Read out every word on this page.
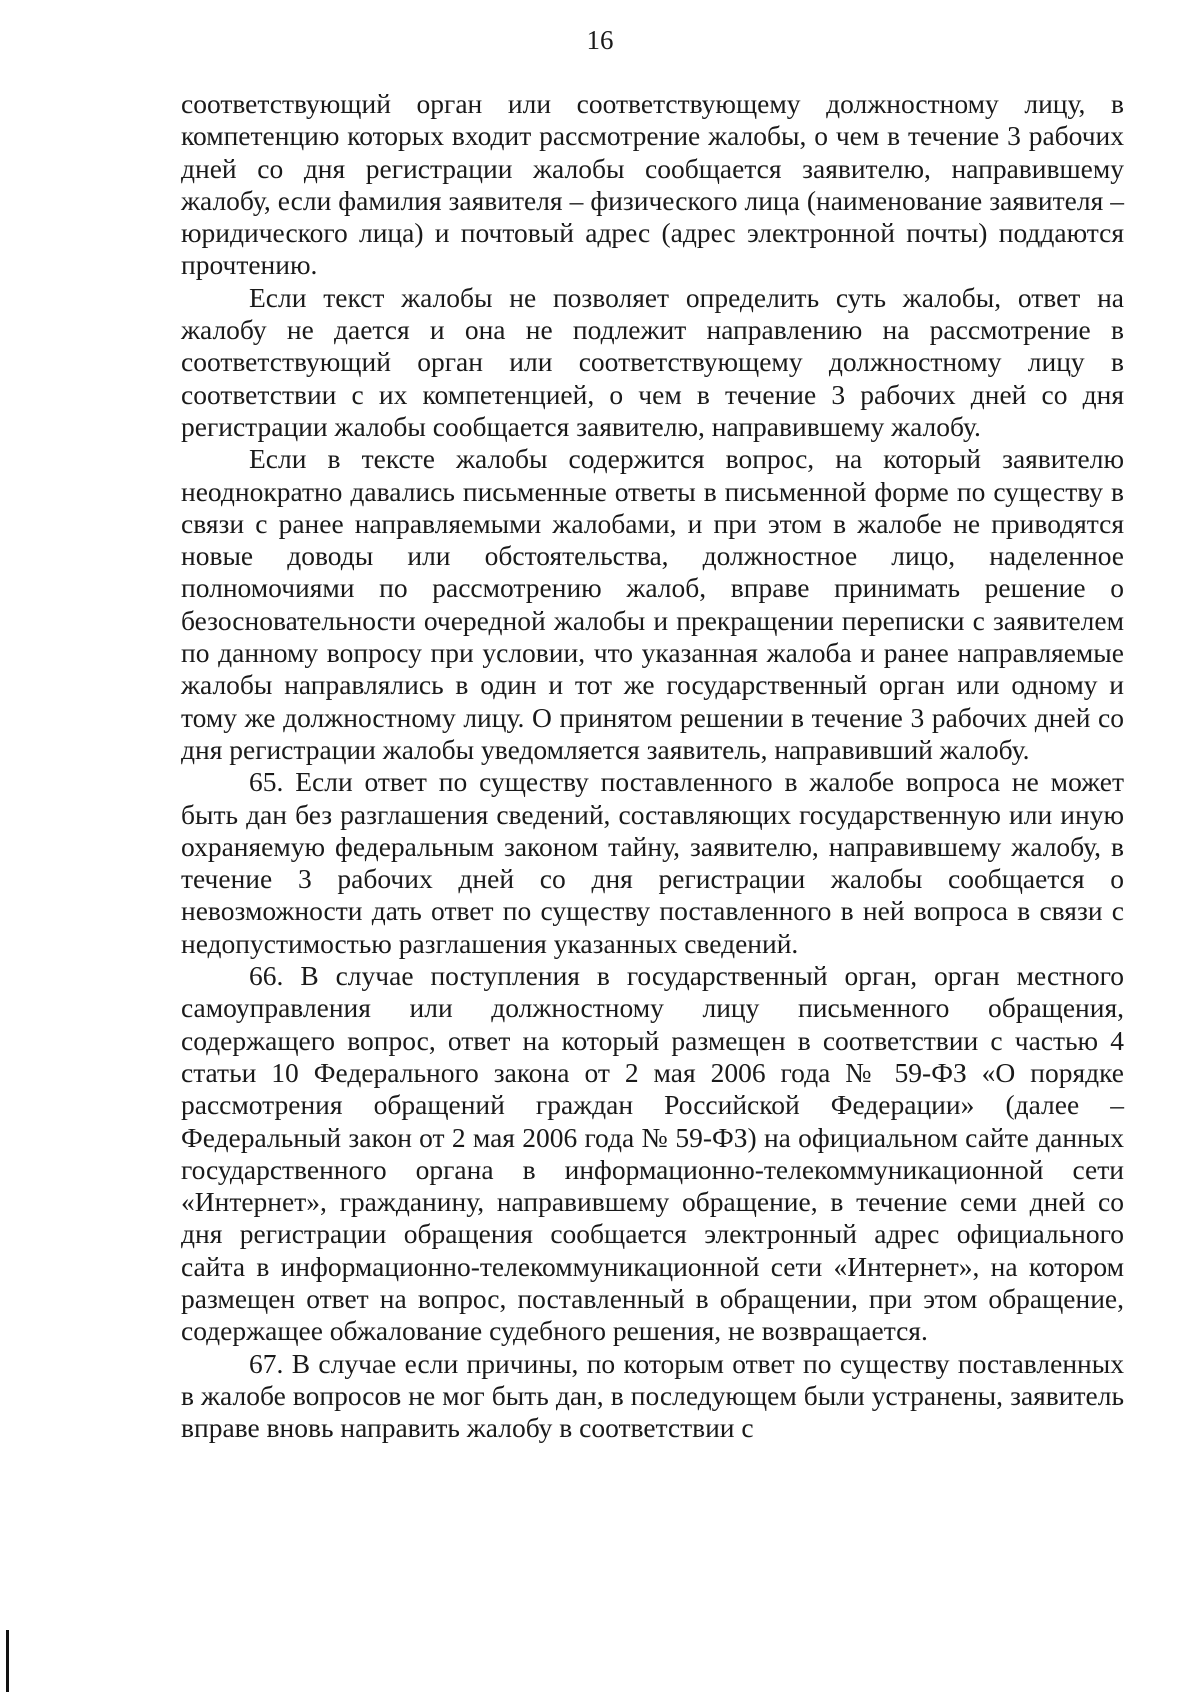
16

соответствующий орган или соответствующему должностному лицу, в компетенцию которых входит рассмотрение жалобы, о чем в течение 3 рабочих дней со дня регистрации жалобы сообщается заявителю, направившему жалобу, если фамилия заявителя – физического лица (наименование заявителя – юридического лица) и почтовый адрес (адрес электронной почты) поддаются прочтению.

Если текст жалобы не позволяет определить суть жалобы, ответ на жалобу не дается и она не подлежит направлению на рассмотрение в соответствующий орган или соответствующему должностному лицу в соответствии с их компетенцией, о чем в течение 3 рабочих дней со дня регистрации жалобы сообщается заявителю, направившему жалобу.

Если в тексте жалобы содержится вопрос, на который заявителю неоднократно давались письменные ответы в письменной форме по существу в связи с ранее направляемыми жалобами, и при этом в жалобе не приводятся новые доводы или обстоятельства, должностное лицо, наделенное полномочиями по рассмотрению жалоб, вправе принимать решение о безосновательности очередной жалобы и прекращении переписки с заявителем по данному вопросу при условии, что указанная жалоба и ранее направляемые жалобы направлялись в один и тот же государственный орган или одному и тому же должностному лицу. О принятом решении в течение 3 рабочих дней со дня регистрации жалобы уведомляется заявитель, направивший жалобу.

65. Если ответ по существу поставленного в жалобе вопроса не может быть дан без разглашения сведений, составляющих государственную или иную охраняемую федеральным законом тайну, заявителю, направившему жалобу, в течение 3 рабочих дней со дня регистрации жалобы сообщается о невозможности дать ответ по существу поставленного в ней вопроса в связи с недопустимостью разглашения указанных сведений.

66. В случае поступления в государственный орган, орган местного самоуправления или должностному лицу письменного обращения, содержащего вопрос, ответ на который размещен в соответствии с частью 4 статьи 10 Федерального закона от 2 мая 2006 года № 59-ФЗ «О порядке рассмотрения обращений граждан Российской Федерации» (далее – Федеральный закон от 2 мая 2006 года № 59-ФЗ) на официальном сайте данных государственного органа в информационно-телекоммуникационной сети «Интернет», гражданину, направившему обращение, в течение семи дней со дня регистрации обращения сообщается электронный адрес официального сайта в информационно-телекоммуникационной сети «Интернет», на котором размещен ответ на вопрос, поставленный в обращении, при этом обращение, содержащее обжалование судебного решения, не возвращается.

67. В случае если причины, по которым ответ по существу поставленных в жалобе вопросов не мог быть дан, в последующем были устранены, заявитель вправе вновь направить жалобу в соответствии с
